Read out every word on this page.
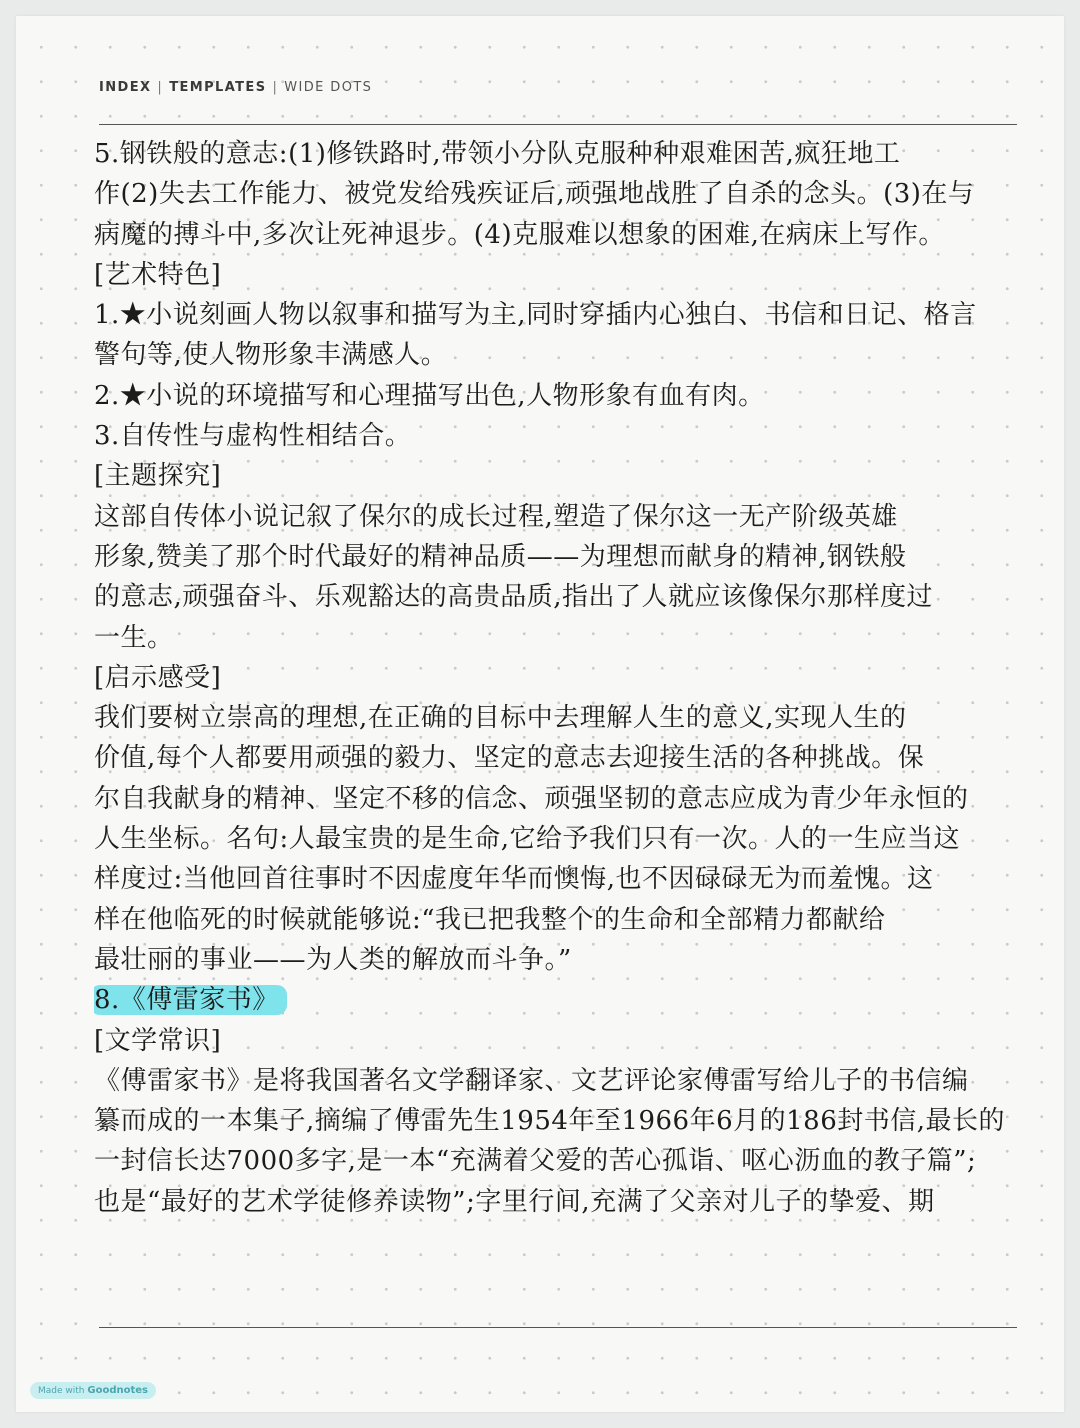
INDEX | TEMPLATES | WIDE DOTS
5.钢铁般的意志:(1)修铁路时,带领小分队克服种种艰难困苦,疯狂地工
作(2)失去工作能力、被党发给残疾证后,顽强地战胜了自杀的念头。(3)在与
病魔的搏斗中,多次让死神退步。(4)克服难以想象的困难,在病床上写作。
[艺术特色]
1.★小说刻画人物以叙事和描写为主,同时穿插内心独白、书信和日记、格言
警句等,使人物形象丰满感人。
2.★小说的环境描写和心理描写出色,人物形象有血有肉。
3.自传性与虚构性相结合。
[主题探究]
这部自传体小说记叙了保尔的成长过程,塑造了保尔这一无产阶级英雄
形象,赞美了那个时代最好的精神品质——为理想而献身的精神,钢铁般
的意志,顽强奋斗、乐观豁达的高贵品质,指出了人就应该像保尔那样度过
一生。
[启示感受]
我们要树立崇高的理想,在正确的目标中去理解人生的意义,实现人生的
价值,每个人都要用顽强的毅力、坚定的意志去迎接生活的各种挑战。保
尔自我献身的精神、坚定不移的信念、顽强坚韧的意志应成为青少年永恒的
人生坐标。名句:人最宝贵的是生命,它给予我们只有一次。人的一生应当这
样度过:当他回首往事时不因虚度年华而懊悔,也不因碌碌无为而羞愧。这
样在他临死的时候就能够说:“我已把我整个的生命和全部精力都献给
最壮丽的事业——为人类的解放而斗争。”
8.《傅雷家书》
[文学常识]
《傅雷家书》是将我国著名文学翻译家、文艺评论家傅雷写给儿子的书信编
纂而成的一本集子,摘编了傅雷先生1954年至1966年6月的186封书信,最长的
一封信长达7000多字,是一本“充满着父爱的苦心孤诣、呕心沥血的教子篇”;
也是“最好的艺术学徒修养读物”;字里行间,充满了父亲对儿子的挚爱、期
Made with Goodnotes
